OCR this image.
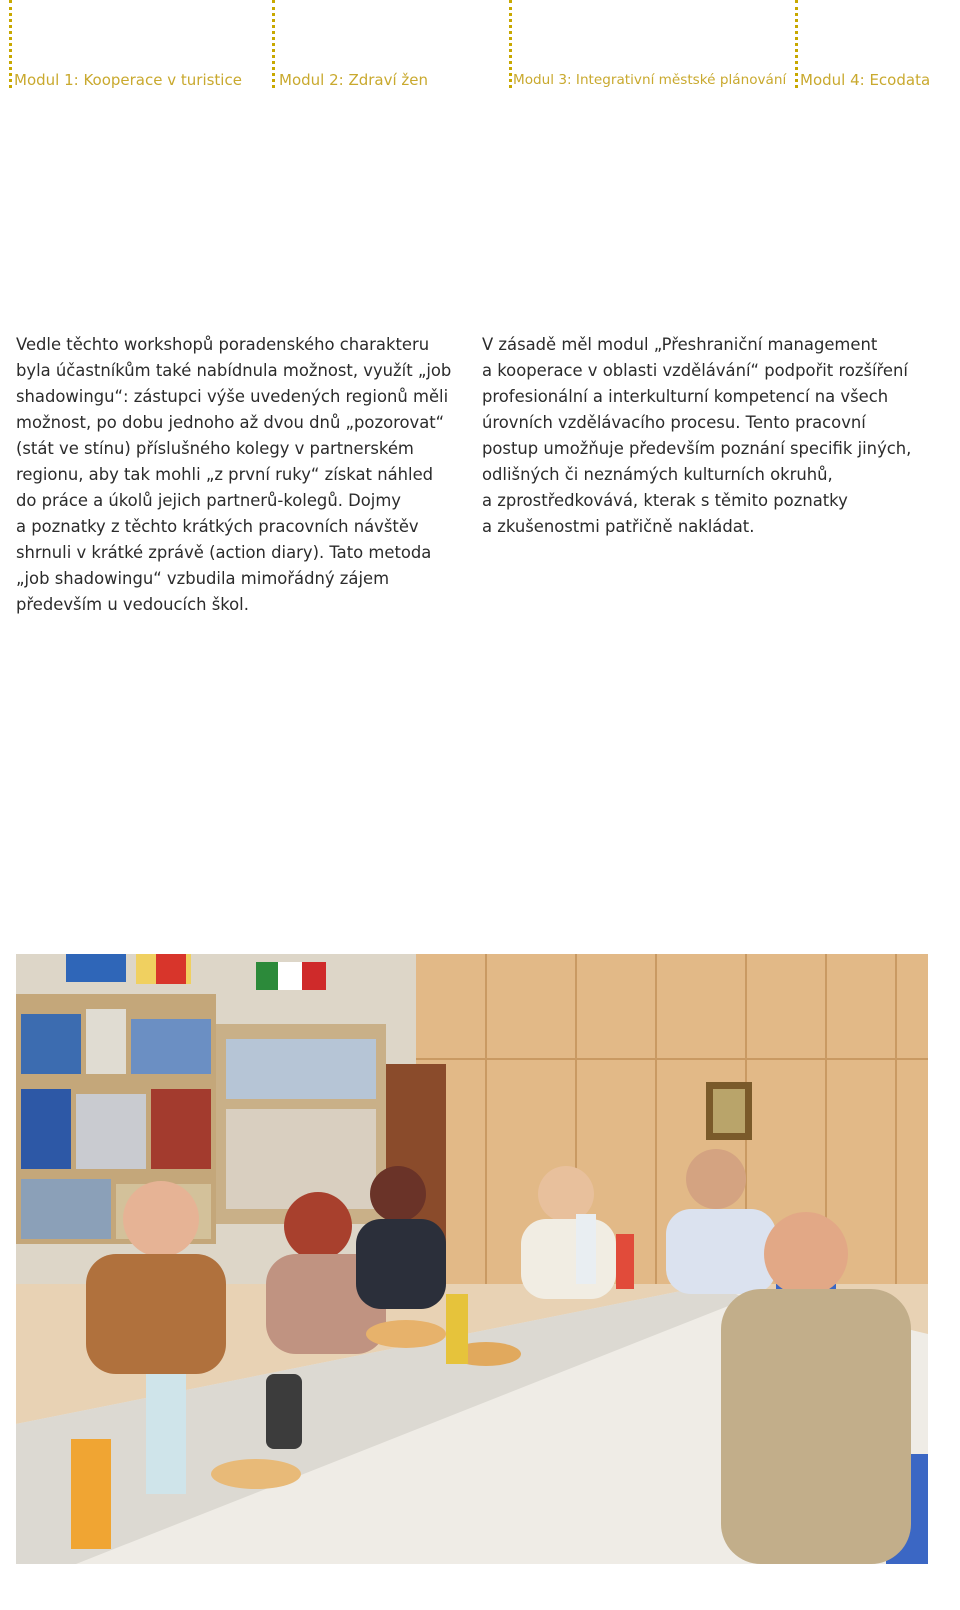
Modul 1: Kooperace v turistice Modul 2: Zdraví žen	Modul 3: Integrativní městské plánování Modul 4: Ecodata

Vedle těchto workshopů poradenského charakteru
byla účastníkům také nabídnula možnost, využít „job
shadowingu“: zástupci výše uvedených regionů měli
možnost, po dobu jednoho až dvou dnů „pozorovat“
(stát ve stínu) příslušného kolegy v partnerském
regionu, aby tak mohli „z první ruky“ získat náhled
do práce a úkolů jejich partnerů-kolegů. Dojmy
a poznatky z těchto krátkých pracovních návštěv
shrnuli v krátké zprávě (action diary). Tato metoda
„job shadowingu“ vzbudila mimořádný zájem
především u vedoucích škol.

V zásadě měl modul „Přeshraniční management
a kooperace v oblasti vzdělávání“ podpořit rozšíření
profesionální a interkulturní kompetencí na všech
úrovních vzdělávacího procesu. Tento pracovní
postup umožňuje především poznání specifik jiných,
odlišných či neznámých kulturních okruhů,
a zprostředkovává, kterak s těmito poznatky
a zkušenostmi patřičně nakládat.
